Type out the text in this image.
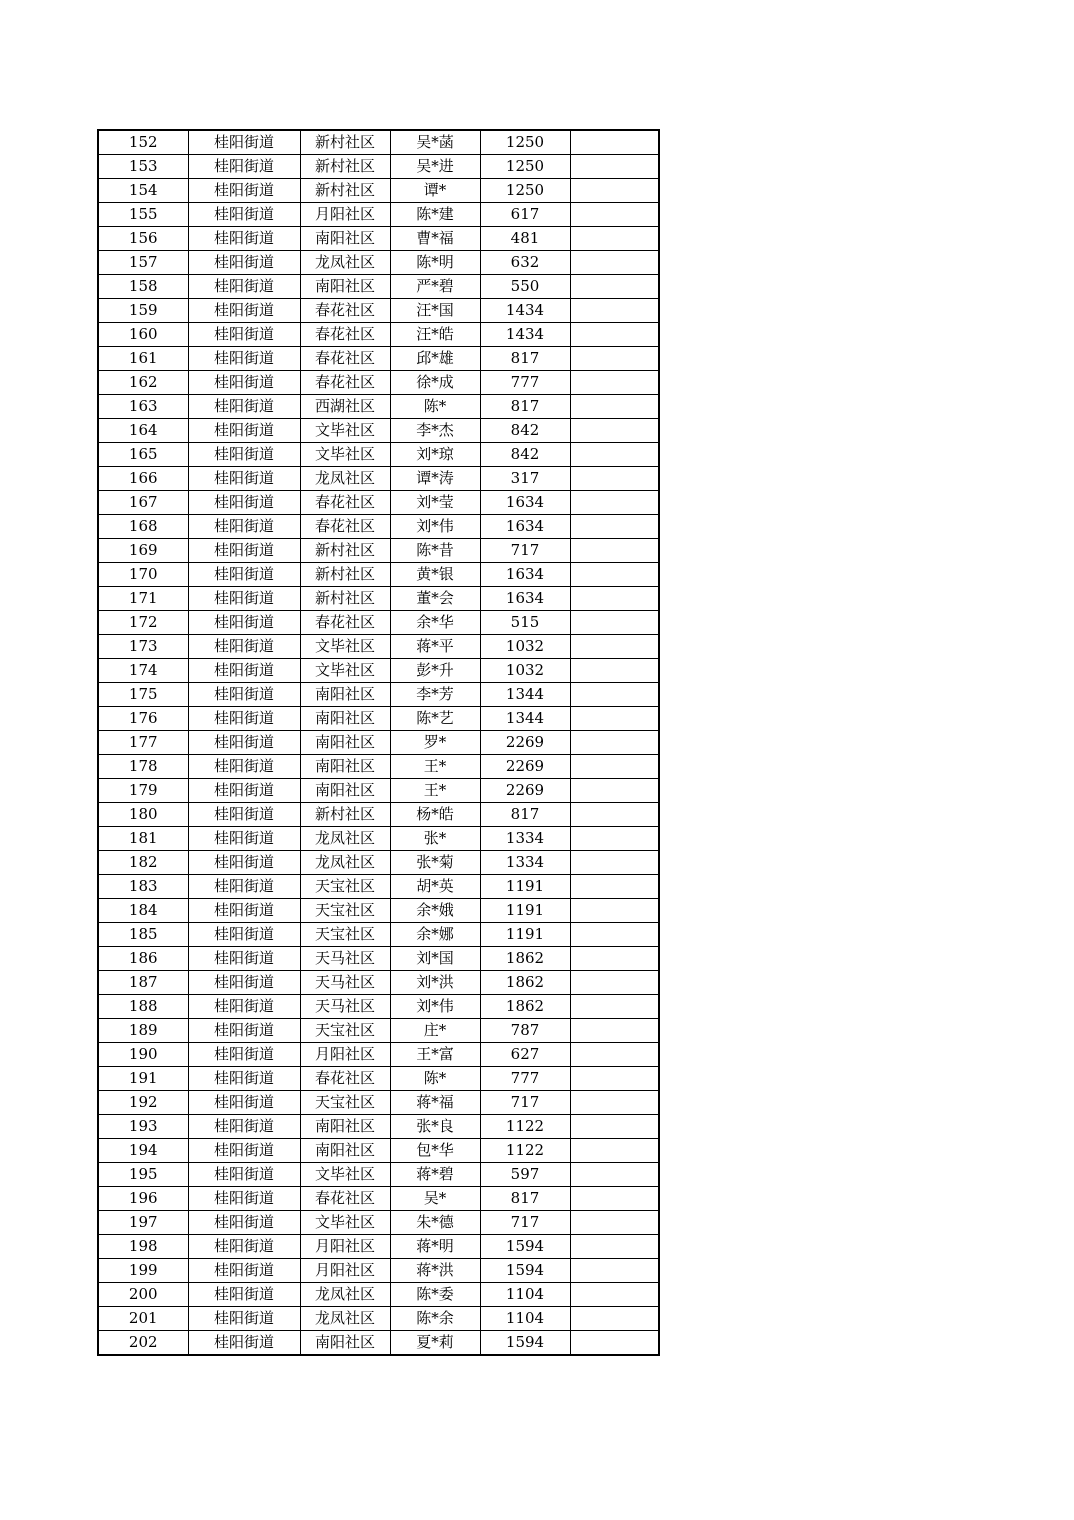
152	桂阳街道	新村社区	吴*菡	1250	
153	桂阳街道	新村社区	吴*进	1250	
154	桂阳街道	新村社区	谭*	1250	
155	桂阳街道	月阳社区	陈*建	617	
156	桂阳街道	南阳社区	曹*福	481	
157	桂阳街道	龙凤社区	陈*明	632	
158	桂阳街道	南阳社区	严*碧	550	
159	桂阳街道	春花社区	汪*国	1434	
160	桂阳街道	春花社区	汪*皓	1434	
161	桂阳街道	春花社区	邱*雄	817	
162	桂阳街道	春花社区	徐*成	777	
163	桂阳街道	西湖社区	陈*	817	
164	桂阳街道	文毕社区	李*杰	842	
165	桂阳街道	文毕社区	刘*琼	842	
166	桂阳街道	龙凤社区	谭*涛	317	
167	桂阳街道	春花社区	刘*莹	1634	
168	桂阳街道	春花社区	刘*伟	1634	
169	桂阳街道	新村社区	陈*昔	717	
170	桂阳街道	新村社区	黄*银	1634	
171	桂阳街道	新村社区	董*会	1634	
172	桂阳街道	春花社区	余*华	515	
173	桂阳街道	文毕社区	蒋*平	1032	
174	桂阳街道	文毕社区	彭*升	1032	
175	桂阳街道	南阳社区	李*芳	1344	
176	桂阳街道	南阳社区	陈*艺	1344	
177	桂阳街道	南阳社区	罗*	2269	
178	桂阳街道	南阳社区	王*	2269	
179	桂阳街道	南阳社区	王*	2269	
180	桂阳街道	新村社区	杨*皓	817	
181	桂阳街道	龙凤社区	张*	1334	
182	桂阳街道	龙凤社区	张*菊	1334	
183	桂阳街道	天宝社区	胡*英	1191	
184	桂阳街道	天宝社区	余*娥	1191	
185	桂阳街道	天宝社区	余*娜	1191	
186	桂阳街道	天马社区	刘*国	1862	
187	桂阳街道	天马社区	刘*洪	1862	
188	桂阳街道	天马社区	刘*伟	1862	
189	桂阳街道	天宝社区	庄*	787	
190	桂阳街道	月阳社区	王*富	627	
191	桂阳街道	春花社区	陈*	777	
192	桂阳街道	天宝社区	蒋*福	717	
193	桂阳街道	南阳社区	张*良	1122	
194	桂阳街道	南阳社区	包*华	1122	
195	桂阳街道	文毕社区	蒋*碧	597	
196	桂阳街道	春花社区	吴*	817	
197	桂阳街道	文毕社区	朱*德	717	
198	桂阳街道	月阳社区	蒋*明	1594	
199	桂阳街道	月阳社区	蒋*洪	1594	
200	桂阳街道	龙凤社区	陈*委	1104	
201	桂阳街道	龙凤社区	陈*余	1104	
202	桂阳街道	南阳社区	夏*莉	1594	
